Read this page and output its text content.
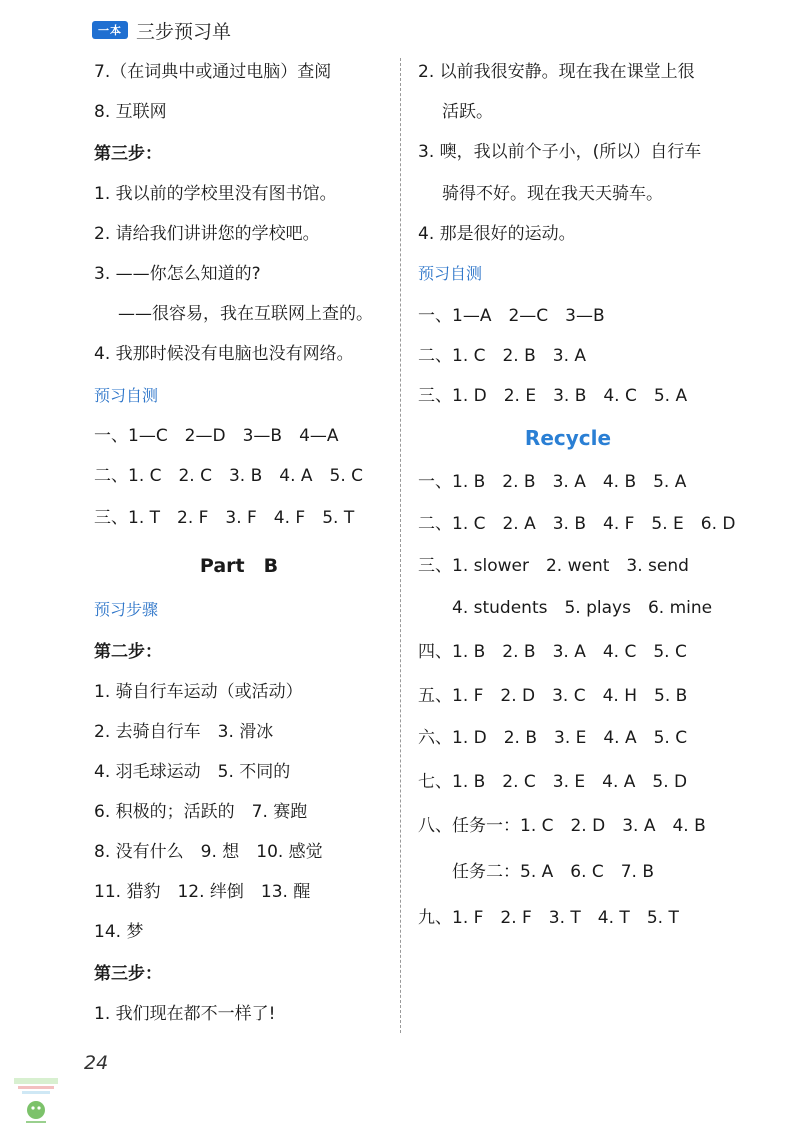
一本 三步预习单
7.（在词典中或通过电脑）查阅
8. 互联网
第三步：
1. 我以前的学校里没有图书馆。
2. 请给我们讲讲您的学校吧。
3. ——你怎么知道的?
——很容易，我在互联网上查的。
4. 我那时候没有电脑也没有网络。
预习自测
一、1—C　2—D　3—B　4—A
二、1. C　2. C　3. B　4. A　5. C
三、1. T　2. F　3. F　4. F　5. T
Part　B
预习步骤
第二步：
1. 骑自行车运动（或活动）
2. 去骑自行车　3. 滑冰
4. 羽毛球运动　5. 不同的
6. 积极的；活跃的　7. 赛跑
8. 没有什么　9. 想　10. 感觉
11. 猎豹　12. 绊倒　13. 醒
14. 梦
第三步：
1. 我们现在都不一样了!
2. 以前我很安静。现在我在课堂上很
活跃。
3. 噢，我以前个子小，(所以）自行车
骑得不好。现在我天天骑车。
4. 那是很好的运动。
预习自测
一、1—A　2—C　3—B
二、1. C　2. B　3. A
三、1. D　2. E　3. B　4. C　5. A
Recycle
一、1. B　2. B　3. A　4. B　5. A
二、1. C　2. A　3. B　4. F　5. E　6. D
三、1. slower　2. went　3. send
4. students　5. plays　6. mine
四、1. B　2. B　3. A　4. C　5. C
五、1. F　2. D　3. C　4. H　5. B
六、1. D　2. B　3. E　4. A　5. C
七、1. B　2. C　3. E　4. A　5. D
八、任务一：1. C　2. D　3. A　4. B
任务二：5. A　6. C　7. B
九、1. F　2. F　3. T　4. T　5. T
24
